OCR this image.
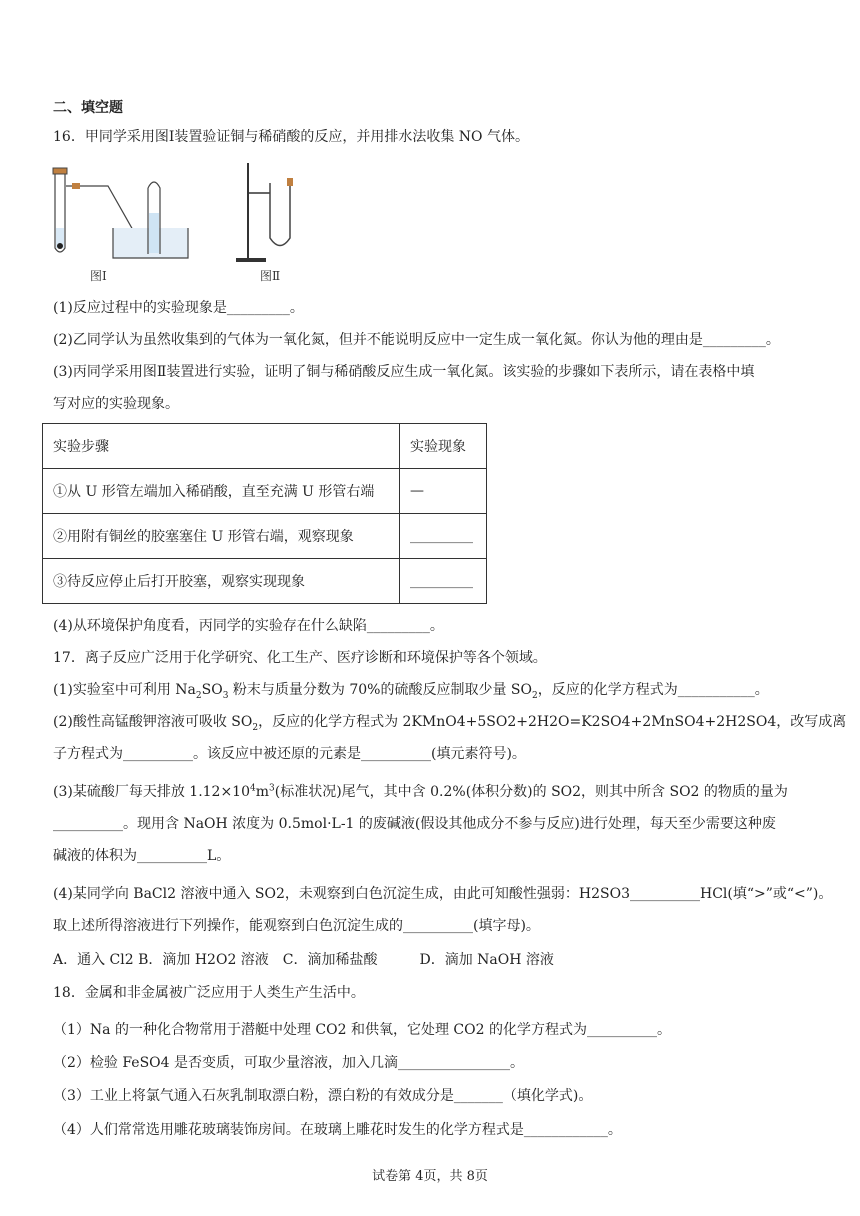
二、填空题
16．甲同学采用图Ⅰ装置验证铜与稀硝酸的反应，并用排水法收集 NO 气体。
图Ⅰ	图Ⅱ
(1)反应过程中的实验现象是_________。
(2)乙同学认为虽然收集到的气体为一氧化氮，但并不能说明反应中一定生成一氧化氮。你认为他的理由是_________。
(3)丙同学采用图Ⅱ装置进行实验，证明了铜与稀硝酸反应生成一氧化氮。该实验的步骤如下表所示，请在表格中填
写对应的实验现象。
实验步骤	实验现象
①从 U 形管左端加入稀硝酸，直至充满 U 形管右端	—
②用附有铜丝的胶塞塞住 U 形管右端，观察现象	_________
③待反应停止后打开胶塞，观察实现现象	_________
(4)从环境保护角度看，丙同学的实验存在什么缺陷_________。
17．离子反应广泛用于化学研究、化工生产、医疗诊断和环境保护等各个领域。
(1)实验室中可利用 $Na_2SO_3$ 粉末与质量分数为 70%的硫酸反应制取少量 $SO_2$，反应的化学方程式为___________。
(2)酸性高锰酸钾溶液可吸收 $SO_2$，反应的化学方程式为 2KMnO4+5SO2+2H2O=K2SO4+2MnSO4+2H2SO4，改写成离
子方程式为__________。该反应中被还原的元素是__________(填元素符号)。
(3)某硫酸厂每天排放 $1.12\times 10^4m^3$(标准状况)尾气，其中含 0.2%(体积分数)的 SO2，则其中所含 SO2 的物质的量为
__________。现用含 NaOH 浓度为 0.5mol·L-1 的废碱液(假设其他成分不参与反应)进行处理，每天至少需要这种废
碱液的体积为__________L。
(4)某同学向 BaCl2 溶液中通入 SO2，未观察到白色沉淀生成，由此可知酸性强弱：H2SO3__________HCl(填“>”或“<”)。
取上述所得溶液进行下列操作，能观察到白色沉淀生成的__________(填字母)。
A．通入 Cl2 B．滴加 H2O2 溶液　C．滴加稀盐酸　　　D．滴加 NaOH 溶液
18．金属和非金属被广泛应用于人类生产生活中。
（1）Na 的一种化合物常用于潜艇中处理 CO2 和供氧，它处理 CO2 的化学方程式为__________。
（2）检验 FeSO4 是否变质，可取少量溶液，加入几滴________________。
（3）工业上将氯气通入石灰乳制取漂白粉，漂白粉的有效成分是_______（填化学式)。
（4）人们常常选用雕花玻璃装饰房间。在玻璃上雕花时发生的化学方程式是____________。
试卷第 4页，共 8页
